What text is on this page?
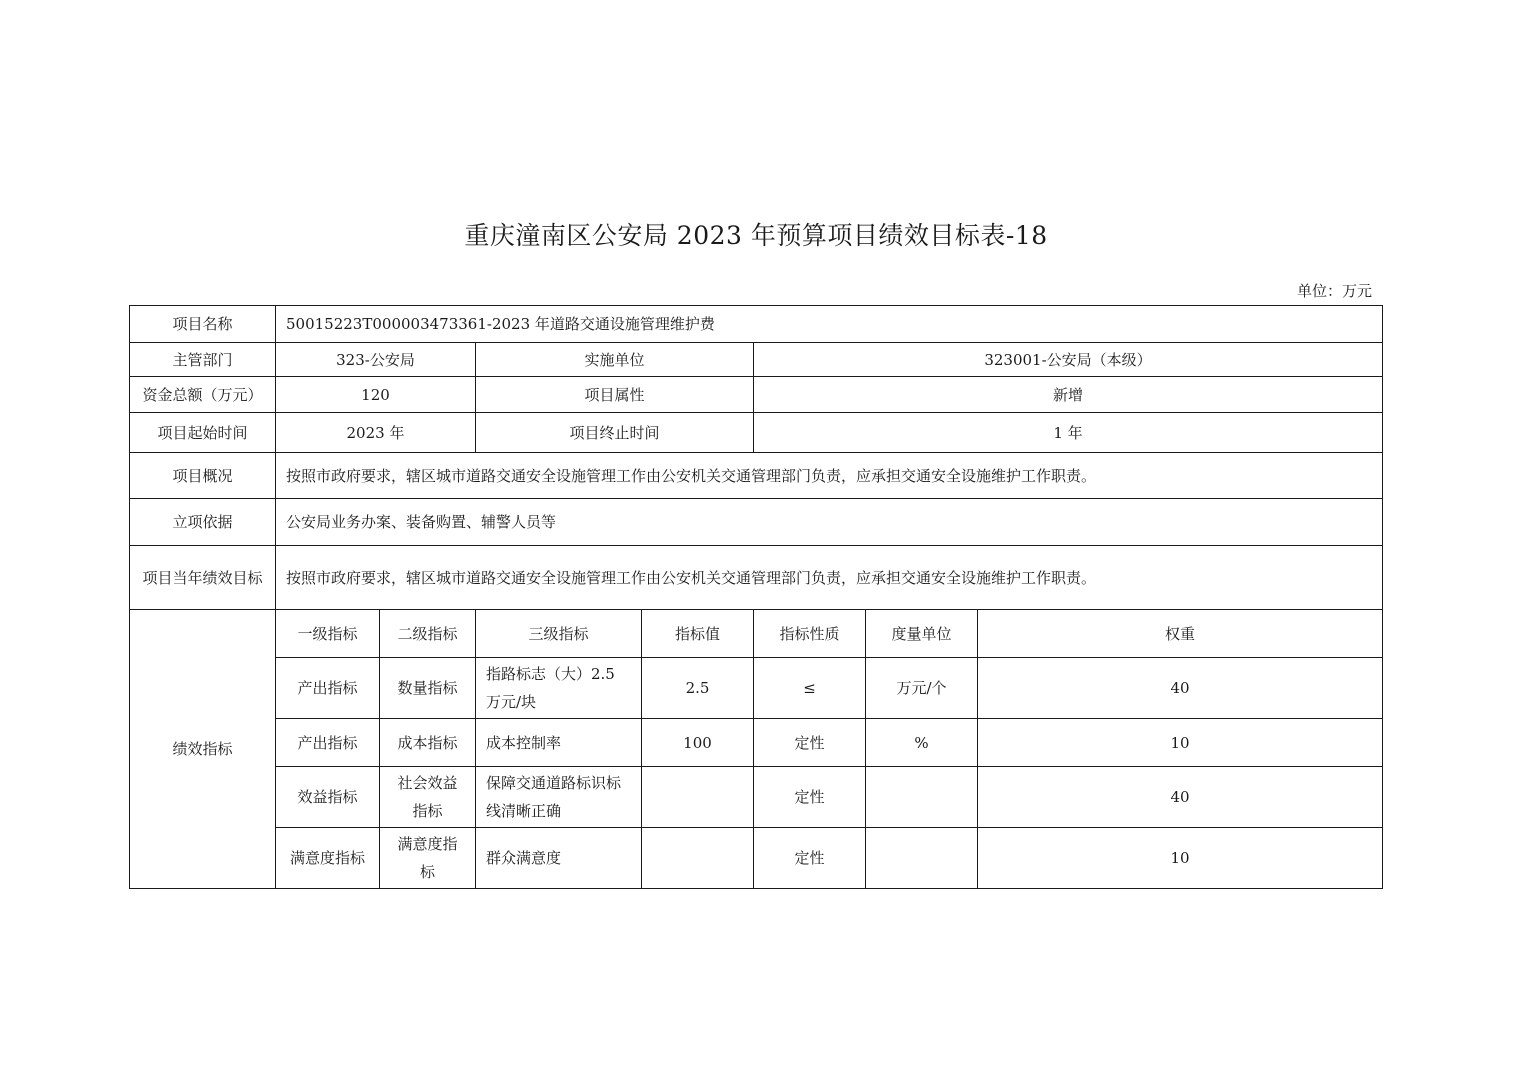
重庆潼南区公安局 2023 年预算项目绩效目标表-18
单位：万元
项目名称	50015223T000003473361-2023 年道路交通设施管理维护费						
主管部门	323-公安局		实施单位		323001-公安局（本级）		
资金总额（万元）	120		项目属性		新增		
项目起始时间	2023 年		项目终止时间		1 年		
项目概况	按照市政府要求，辖区城市道路交通安全设施管理工作由公安机关交通管理部门负责，应承担交通安全设施维护工作职责。						
立项依据	公安局业务办案、装备购置、辅警人员等						
项目当年绩效目标	按照市政府要求，辖区城市道路交通安全设施管理工作由公安机关交通管理部门负责，应承担交通安全设施维护工作职责。						
绩效指标	一级指标	二级指标	三级指标	指标值	指标性质	度量单位	权重
	产出指标	数量指标	指路标志（大）2.5 万元/块	2.5	≤	万元/个	40
	产出指标	成本指标	成本控制率	100	定性	%	10
	效益指标	社会效益指标	保障交通道路标识标线清晰正确		定性		40
	满意度指标	满意度指标	群众满意度		定性		10
